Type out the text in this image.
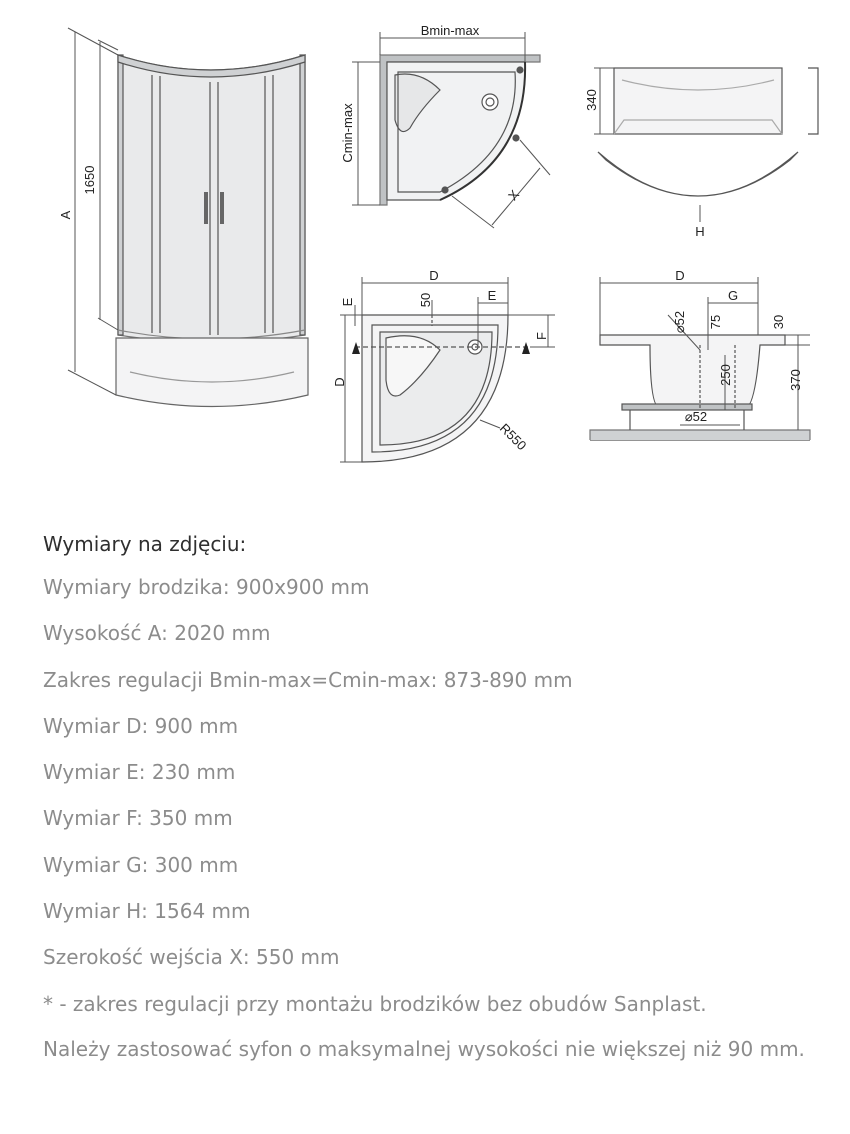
A
1650
Bmin-max
Cmin-max
X
340
H
D
E
E	50
F
D
R550
D
G
⌀52 75	30
250	370
⌀52

Wymiary na zdjęciu:

Wymiary brodzika: 900x900 mm
Wysokość A: 2020 mm
Zakres regulacji Bmin-max=Cmin-max: 873-890 mm
Wymiar D: 900 mm
Wymiar E: 230 mm
Wymiar F: 350 mm
Wymiar G: 300 mm
Wymiar H: 1564 mm
Szerokość wejścia X: 550 mm
* - zakres regulacji przy montażu brodzików bez obudów Sanplast.
Należy zastosować syfon o maksymalnej wysokości nie większej niż 90 mm.
